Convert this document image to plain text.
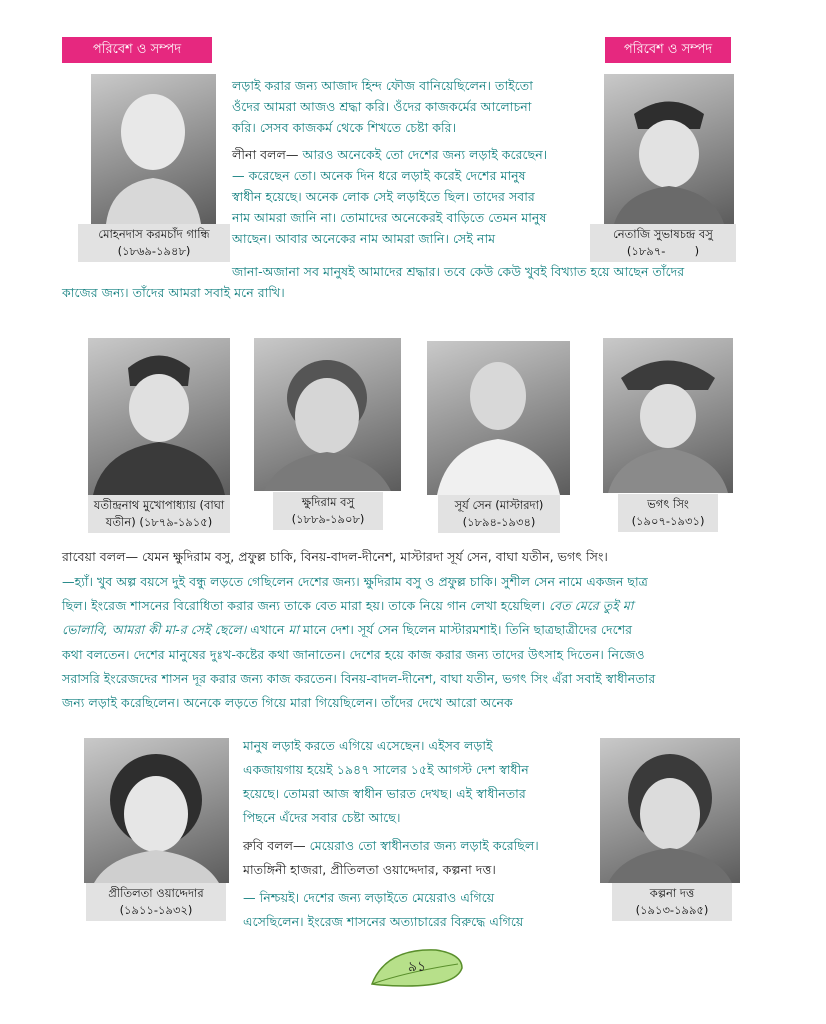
পরিবেশ ও সম্পদ	পরিবেশ ও সম্পদ
মোহনদাস করমচাঁদ গান্ধি
(১৮৬৯-১৯৪৮)
নেতাজি সুভাষচন্দ্র বসু
(১৮৯৭-        )

লড়াই করার জন্য আজাদ হিন্দ ফৌজ বানিয়েছিলেন। তাইতো

ওঁদের আমরা আজও শ্রদ্ধা করি। ওঁদের কাজকর্মের আলোচনা

করি। সেসব কাজকর্ম থেকে শিখতে চেষ্টা করি।

লীনা বলল— আরও অনেকেই তো দেশের জন্য লড়াই করেছেন।

— করেছেন তো। অনেক দিন ধরে লড়াই করেই দেশের মানুষ

স্বাধীন হয়েছে। অনেক লোক সেই লড়াইতে ছিল। তাদের সবার

নাম আমরা জানি না। তোমাদের অনেকেরই বাড়িতে তেমন মানুষ

আছেন। আবার অনেকের নাম আমরা জানি। সেই নাম

জানা-অজানা সব মানুষই আমাদের শ্রদ্ধার। তবে কেউ কেউ খুবই বিখ্যাত হয়ে আছেন তাঁদের

কাজের জন্য। তাঁদের আমরা সবাই মনে রাখি।

যতীন্দ্রনাথ মুখোপাধ্যায় (বাঘা
যতীন) (১৮৭৯-১৯১৫)
ক্ষুদিরাম বসু
(১৮৮৯-১৯০৮)
সূর্য সেন (মাস্টারদা)
(১৮৯৪-১৯৩৪)
ভগৎ সিং
(১৯০৭-১৯৩১)

রাবেয়া বলল— যেমন ক্ষুদিরাম বসু, প্রফুল্ল চাকি, বিনয়-বাদল-দীনেশ, মাস্টারদা সূর্য সেন, বাঘা যতীন, ভগৎ সিং।

—হ্যাঁ। খুব অল্প বয়সে দুই বন্ধু লড়তে গেছিলেন দেশের জন্য। ক্ষুদিরাম বসু ও প্রফুল্ল চাকি। সুশীল সেন নামে একজন ছাত্র

ছিল। ইংরেজ শাসনের বিরোধিতা করার জন্য তাকে বেত মারা হয়। তাকে নিয়ে গান লেখা হয়েছিল। বেত মেরে তুই মা

ভোলাবি, আমরা কী মা-র সেই ছেলে। এখানে মা মানে দেশ। সূর্য সেন ছিলেন মাস্টারমশাই। তিনি ছাত্রছাত্রীদের দেশের

কথা বলতেন। দেশের মানুষের দুঃখ-কষ্টের কথা জানাতেন। দেশের হয়ে কাজ করার জন্য তাদের উৎসাহ দিতেন। নিজেও

সরাসরি ইংরেজদের শাসন দূর করার জন্য কাজ করতেন। বিনয়-বাদল-দীনেশ, বাঘা যতীন, ভগৎ সিং এঁরা সবাই স্বাধীনতার

জন্য লড়াই করেছিলেন। অনেকে লড়তে গিয়ে মারা গিয়েছিলেন। তাঁদের দেখে আরো অনেক

প্রীতিলতা ওয়াদ্দেদার
(১৯১১-১৯৩২)
কল্পনা দত্ত
(১৯১৩-১৯৯৫)

মানুষ লড়াই করতে এগিয়ে এসেছেন। এইসব লড়াই

একজায়গায় হয়েই ১৯৪৭ সালের ১৫ই আগস্ট দেশ স্বাধীন

হয়েছে। তোমরা আজ স্বাধীন ভারত দেখছ। এই স্বাধীনতার

পিছনে এঁদের সবার চেষ্টা আছে।

রুবি বলল— মেয়েরাও তো স্বাধীনতার জন্য লড়াই করেছিল।

মাতঙ্গিনী হাজরা, প্রীতিলতা ওয়াদ্দেদার, কল্পনা দত্ত।

— নিশ্চয়ই। দেশের জন্য লড়াইতে মেয়েরাও এগিয়ে

এসেছিলেন। ইংরেজ শাসনের অত্যাচারের বিরুদ্ধে এগিয়ে

৯১
